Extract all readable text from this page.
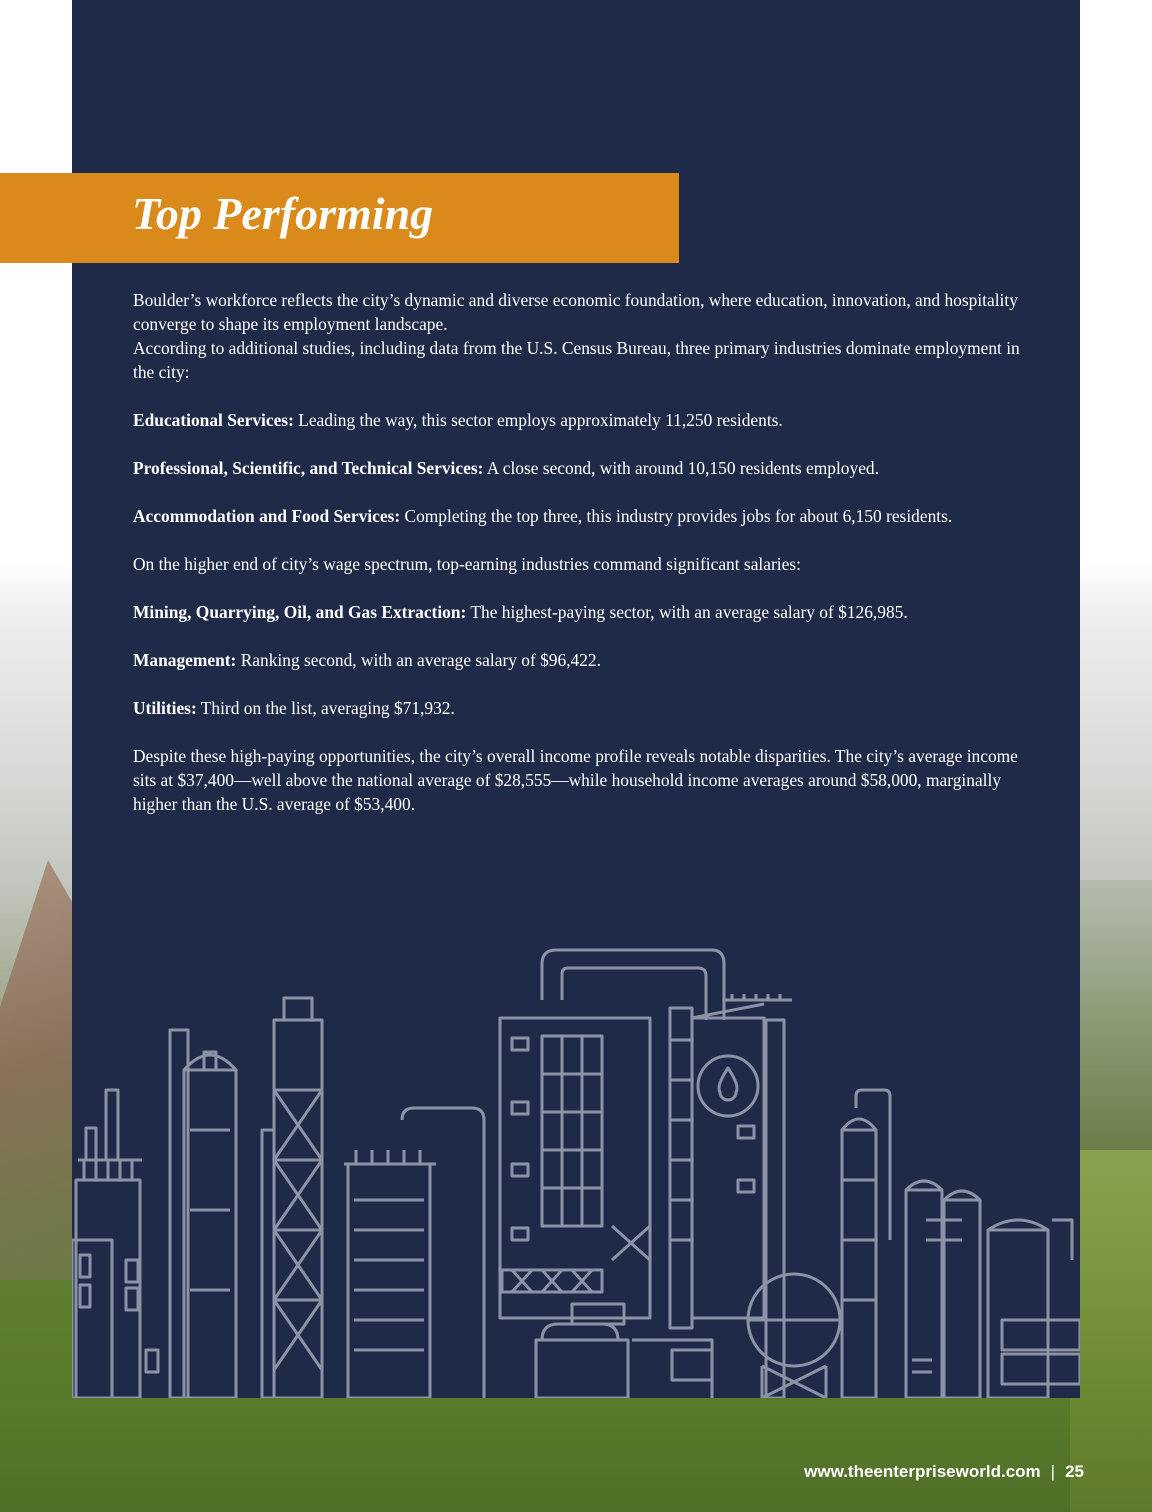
Top Performing

Boulder’s workforce reflects the city’s dynamic and diverse economic foundation, where education, innovation, and hospitality converge to shape its employment landscape.

According to additional studies, including data from the U.S. Census Bureau, three primary industries dominate employment in the city:

Educational Services: Leading the way, this sector employs approximately 11,250 residents.

Professional, Scientific, and Technical Services: A close second, with around 10,150 residents employed.

Accommodation and Food Services: Completing the top three, this industry provides jobs for about 6,150 residents.

On the higher end of city’s wage spectrum, top-earning industries command significant salaries:

Mining, Quarrying, Oil, and Gas Extraction: The highest-paying sector, with an average salary of $126,985.

Management: Ranking second, with an average salary of $96,422.

Utilities: Third on the list, averaging $71,932.

Despite these high-paying opportunities, the city’s overall income profile reveals notable disparities. The city’s average income sits at $37,400—well above the national average of $28,555—while household income averages around $58,000, marginally higher than the U.S. average of $53,400.

www.theenterpriseworld.com | 25
